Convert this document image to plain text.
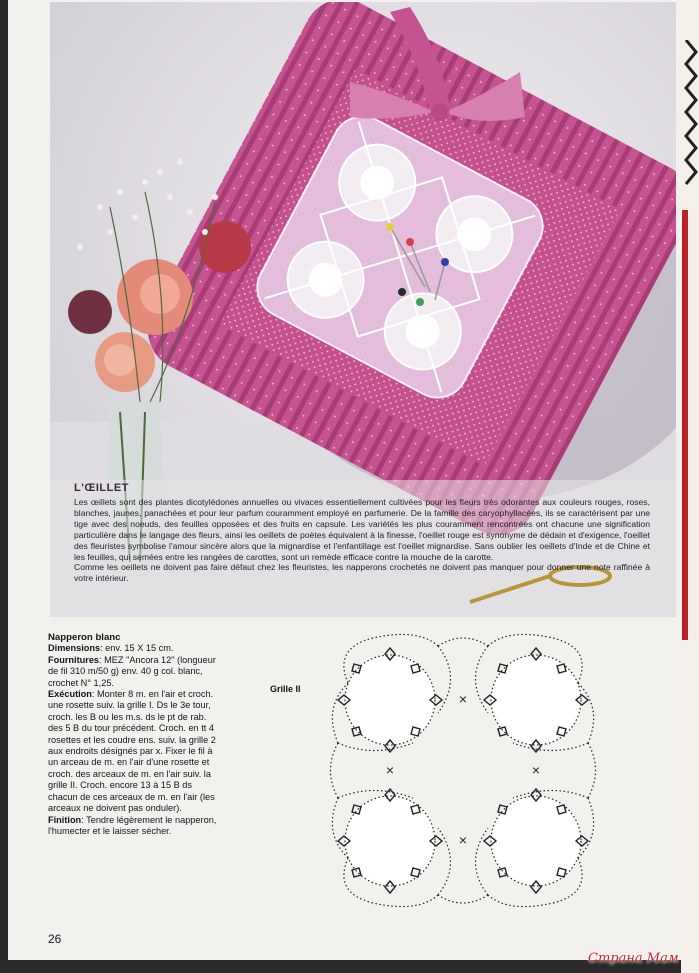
L'ŒILLET

Les œillets sont des plantes dicotylédones annuelles ou vivaces essentiellement cultivées pour les fleurs très odorantes aux couleurs rouges, roses, blanches, jaunes, panachées et pour leur parfum couramment employé en parfumerie. De la famille des caryophyllacées, ils se caractérisent par une tige avec des noeuds, des feuilles opposées et des fruits en capsule. Les variétés les plus couramment rencontrées ont chacune une signification particulière dans le langage des fleurs, ainsi les oeillets de poètes équivalent à la finesse, l'oeillet rouge est synonyme de dédain et d'exigence, l'oeillet des fleuristes symbolise l'amour sincère alors que la mignardise et l'enfantillage est l'oeillet mignardise. Sans oublier les oeillets d'Inde et de Chine et les feuilles, qui semées entre les rangées de carottes, sont un remède efficace contre la mouche de la carotte.

Comme les oeillets ne doivent pas faire défaut chez les fleuristes, les napperons crochetés ne doivent pas manquer pour donner une note raffinée à votre intérieur.

Napperon blanc

Dimensions: env. 15 X 15 cm.

Fournitures: MEZ "Ancora 12" (longueur de fil 310 m/50 g) env. 40 g col. blanc, crochet N° 1,25.

Exécution: Monter 8 m. en l'air et croch. une rosette suiv. la grille I. Ds le 3e tour, croch. les B ou les m.s. ds le pt de rab. des 5 B du tour précédent. Croch. en tt 4 rosettes et les coudre ens. suiv. la grille 2 aux endroits désignés par x. Fixer le fil à un arceau de m. en l'air d'une rosette et croch. des arceaux de m. en l'air suiv. la grille II. Croch. encore 13 à 15 B ds chacun de ces arceaux de m. en l'air (les arceaux ne doivent pas onduler).

Finition: Tendre légèrement le napperon, l'humecter et le laisser sécher.

Grille II
×
×
×	×
26
Страна Мам
